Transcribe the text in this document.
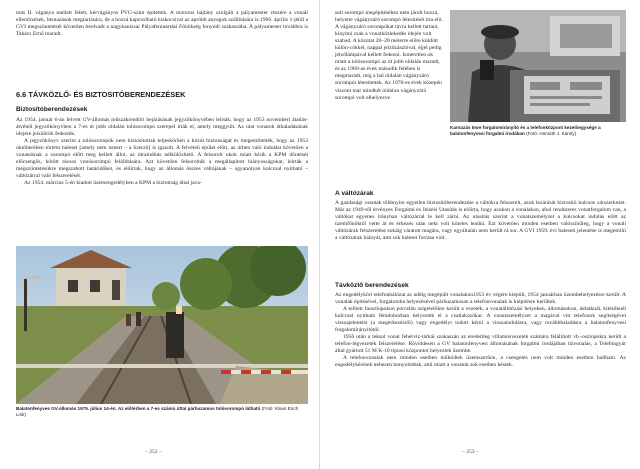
más II. vágánya mellett feltét, kérvágányos PVG-szint építettek. A motoros hajtány szolgált a pályamester részére a vonali ellenőrzések, beutazások megtartására, de a hozzá kapcsolható kiskocsival az apróbb anyagok szállítására is.1960. április 1-jétől a GVI megszüntetését követően beolvadt a nagykanizsai Pályafenntartási Főnökség fonyódi szakaszába. A pályamester továbbra is Takács Ernő maradt.

6.6 TÁVKÖZLŐ- ÉS BIZTOSITÓBERENDEZÉSEK
Biztosítóberendezések

Az 1954. január 6-án felvett GV-állomás műszakrendőri bejárásának jegyzőkönyvében leírták, hogy az 1953 novemberi átadás-átvételi jegyzőkönyvben a 7-es út jobb oldalán tolósorompó szerepel írták el, amely meggyült. Az utat vonatok áthaladásának idejére jelzőőrök fedezték.

A jegyzőkönyv szerint a tolósorompók nem biztosítottak teljeskörűen a közút biztonságát és megemlítették, hogy az 1953 októberében történt baleset [amely nem ismert – a Szerző] is igazolt. A felvételi épület előtt, az úrhen való indulást követően a vonatoknak a sorompó előtt meg kellett állni, az útrainditás nélkülözhető. A felsorolt okok miatt kérik a KPM döntését előcsengős, kötött rácsos vonósorompó felállítására. Azt követően felsorolták a megállapított hiányosságokat, leírták a megszüntetésükre megszabott határidőket, és előírtak, hogy az állomás összes váltójának – sgyanolyan kulccsal nyitható – váltózárral való felszerelését.

Az 1954. március 5-én kiadott üzemengedélyben a KPM a biztottság által java-

Balatonfenyves GV-állomás 1975. július 14-én. Az előtérben a 7-es számú úttal párhuzamos tolósorompó látható (Fotó: Klaus Erich Link)
– 252 –

solt sorompó megépítéséhez nem járult hozzá, helyette vágányzáró sorompó létesítését írta elő. A vágányzáró sorompókat távra kellett tartani, kinyitni csak a vonatközlekedés idején volt szabad. A közútat 20–20 méterre előre küldött külön-cókkel, nappal jelzőzászlóval, éjjel pedig jelzőlámpával kellett fedezni. Ismeretlen ok miatt a tolósorompó az út jobb oldalán maradt, és az 1960-as évek második felében is megmaradt, míg a bal oldalán vágányzáró sorompót létesítettek. Az 1970-es évek közepén viszont már mindkét oldalon vágányzáró sorompó volt elhelyezve.

Karnazás Imre forgalomirányító és a telefonközpont kezelőegysége a balatonfenyvesi forgalmi irodában (Fotó: Horváth J. Károly)
A váltózárak

A gazdasági vasutak többnyire egyetlen biztosítóberendezése a váltókra felszerelt, azok lezárását biztosító kulcsos zárszerkezet. Már az 1949-től érvényes Forgalmi és Jelzési Utasítás is előírta, hogy azokon a vonalakon, ahol rendszeres vonatforgalom van, a váltókat egyenes irányban váltózárral le kell zárni. Az utasítás szerint a vonatszemélyzet a kulcsokat indulás előtt az üzemfőnöktől vette át és érkezés után neki volt köteles leadni. Ezt követően minden esetben valószínűleg, hogy a vonali váltózárak felszerelése sokáig váratott magára, vagy egyáltalán nem került rá sor. A GVI 1959. évi baleseti jelentése is megemlíti a váltózárak hiányát, ami sok baleset forrása volt.

Távközlő berendezések

Az engedélyköri telefonhálózat az addig megépült vonalakon1953 év végére kiépült, 1954 januárban üzembehelyezésre került. A vonalak építésével, forgalomba helyezésével párhuzamosan a telefonvonalak is kiépítésre kerültek.

A telített faoszlopokon porcelán szigetelőkre került a vezeték, a vonatállítózási helyeken, állomásokon, deltáknál, kitérőknél kulccsal nyitható fémdobozban helyezték el a csatlakozókat. A vonatszemélyzet a magával vitt telefonok segítségével visszajelentést (a megérkezésről) vagy engedélyt tudott kérni a visszaindulásra, vagy továbbhaladásra a balatonfenyvesi forgalomirányítótól.

1956 után a teksal vonal fehérvíz-tárkái szakaszán az eredetileg villamosvezeték számára felállított vb.-oszlopokra került a telefon-légvezeték felszerelése. Röviddesen a GV balatonfenyvesi állomásának forgalmi irodájában tizvonalas, a Telefongyár által gyártott 51 M K-10 típusú központot helyeztek üzembe.

A telefonvonalak nem minden esetben működtek üzemszerűen, a csengetés nem volt minden esetben hallható. Az engedélykérések nehezen bonyolódtak, ami miatt a vonatok sok esetben késtek.

– 253 –
